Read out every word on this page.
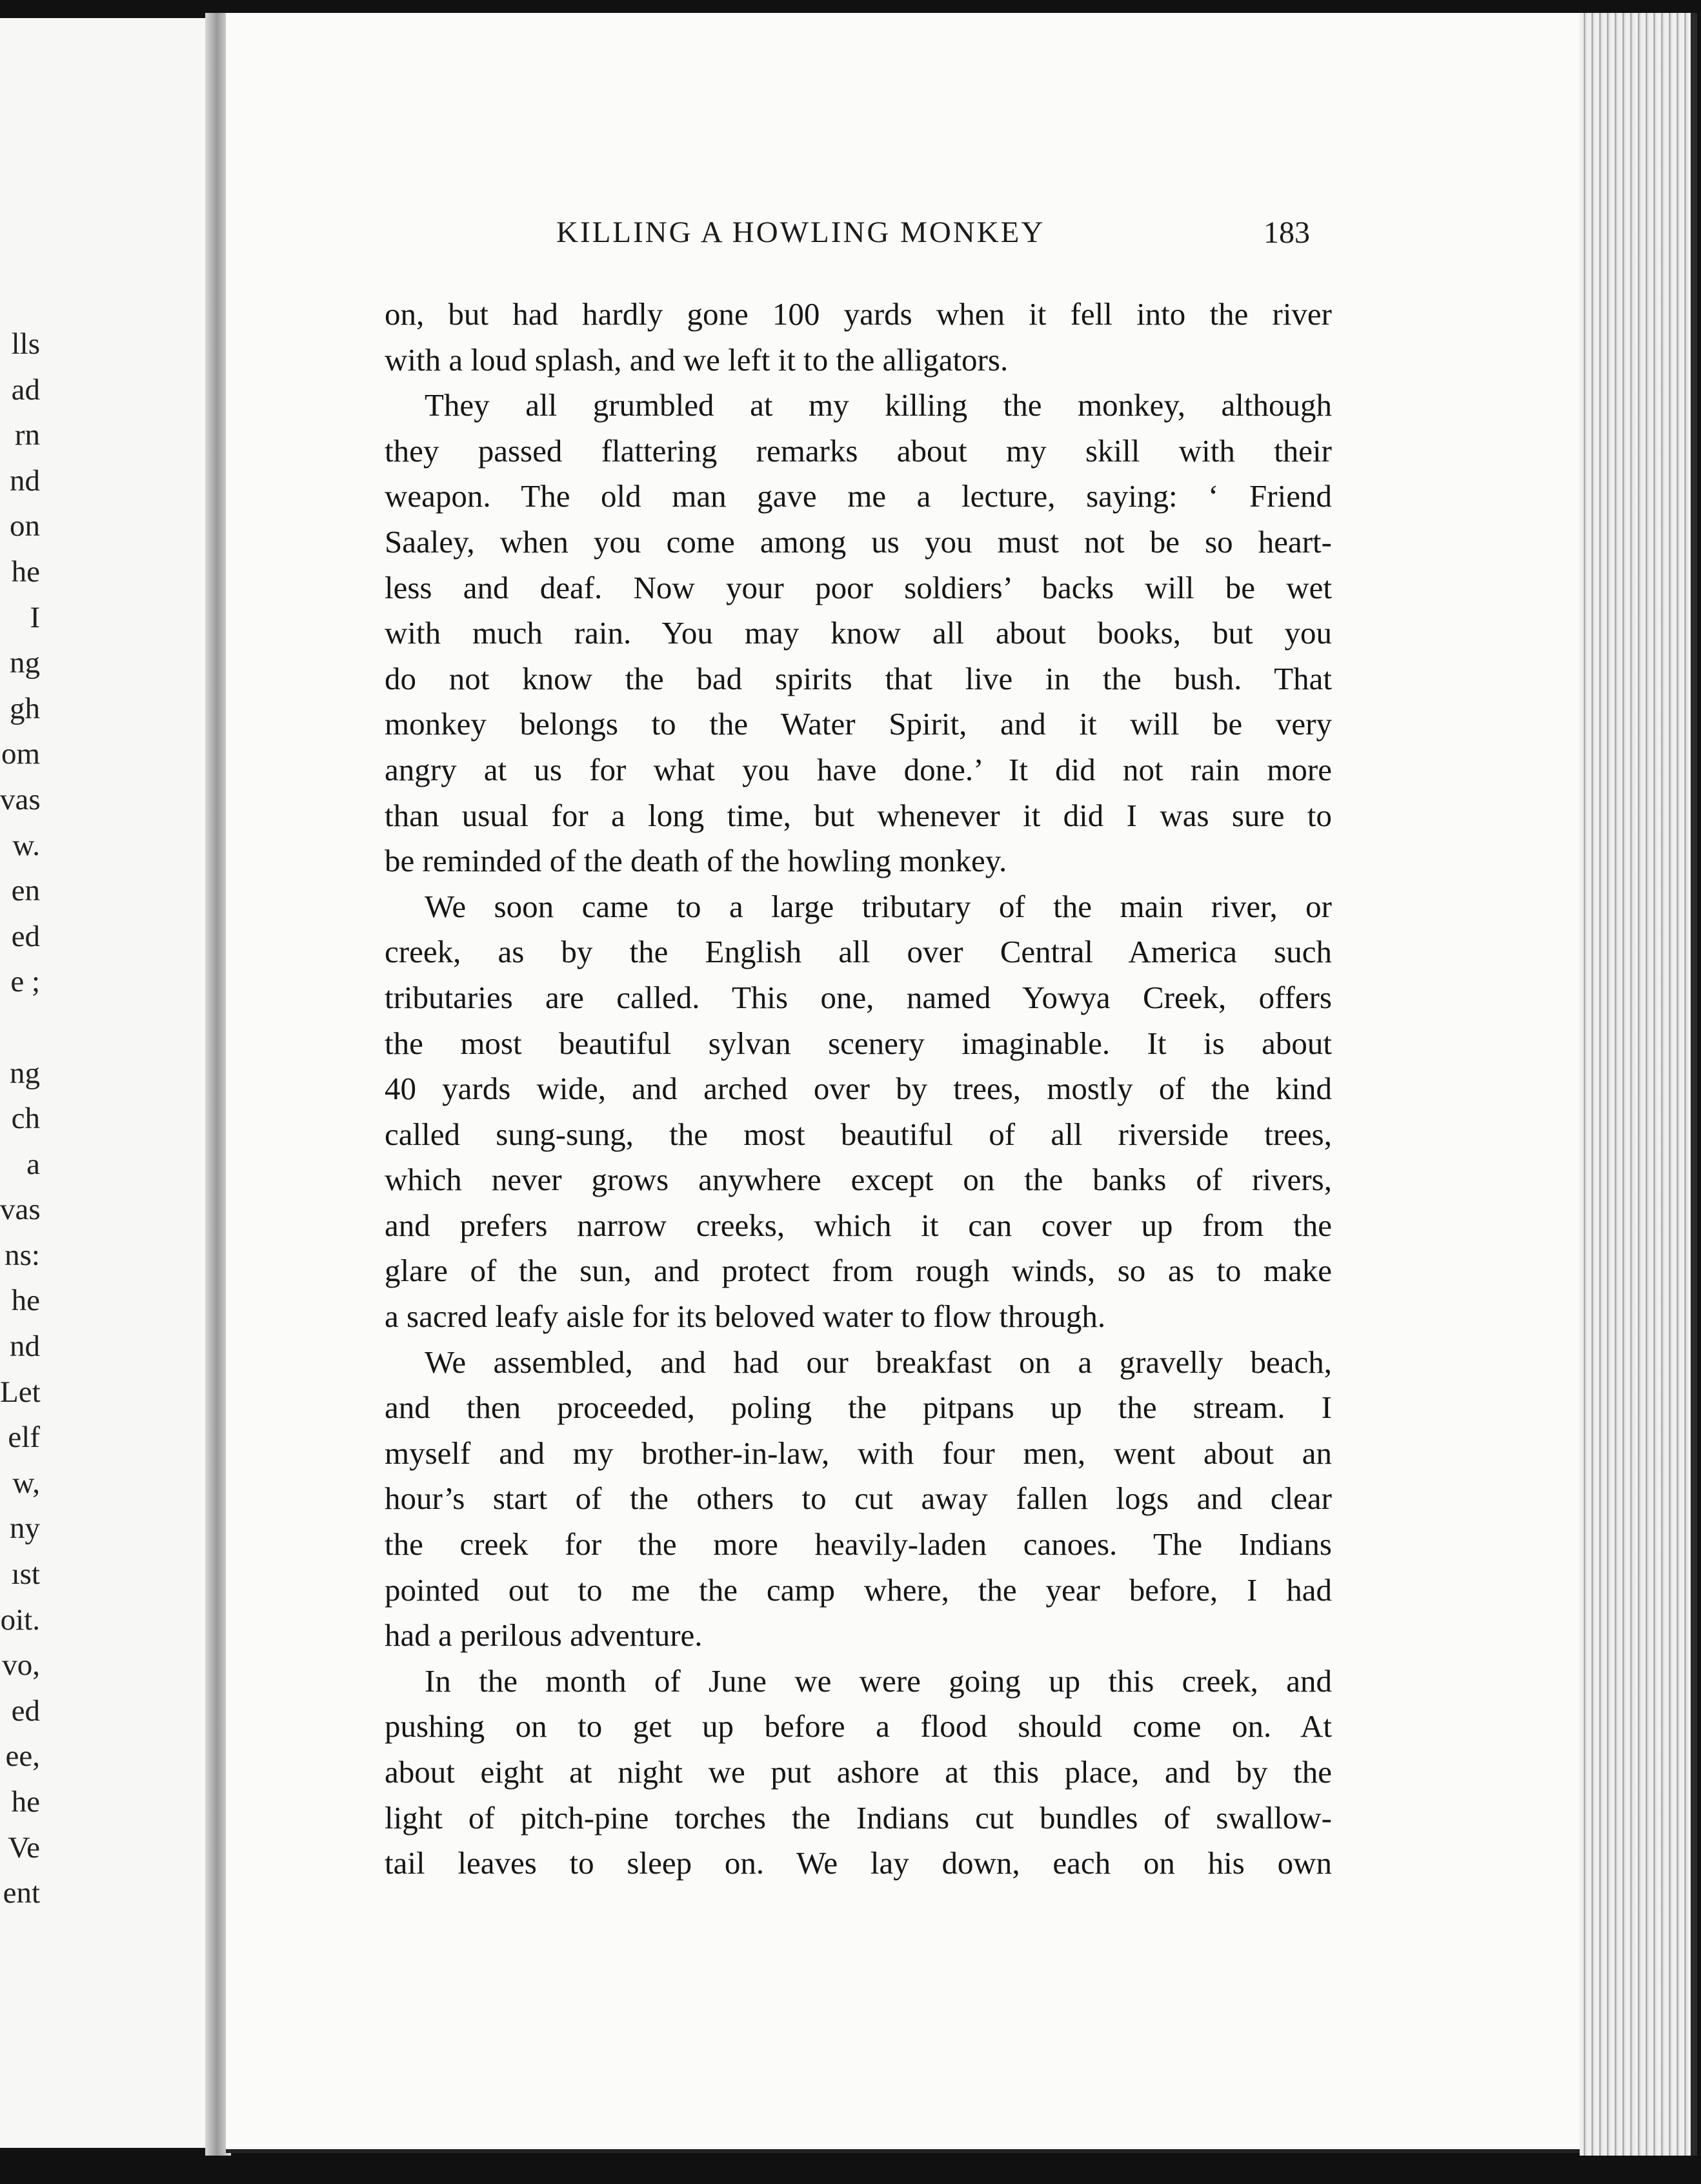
lls
ad
rn
nd
on
he
I
ng
gh
om
vas
w.
en
ed
e ;
ng
ch
a
vas
ns:
he
nd
Let
elf
w,
ny
ıst
oit.
vo,
ed
ee,
he
Ve
ent
KILLING A HOWLING MONKEY	183
on, but had hardly gone 100 yards when it fell into the river
with a loud splash, and we left it to the alligators.
They all grumbled at my killing the monkey, although
they passed flattering remarks about my skill with their
weapon. The old man gave me a lecture, saying: ‘ Friend
Saaley, when you come among us you must not be so heart-
less and deaf. Now your poor soldiers’ backs will be wet
with much rain. You may know all about books, but you
do not know the bad spirits that live in the bush. That
monkey belongs to the Water Spirit, and it will be very
angry at us for what you have done.’ It did not rain more
than usual for a long time, but whenever it did I was sure to
be reminded of the death of the howling monkey.
We soon came to a large tributary of the main river, or
creek, as by the English all over Central America such
tributaries are called. This one, named Yowya Creek, offers
the most beautiful sylvan scenery imaginable. It is about
40 yards wide, and arched over by trees, mostly of the kind
called sung-sung, the most beautiful of all riverside trees,
which never grows anywhere except on the banks of rivers,
and prefers narrow creeks, which it can cover up from the
glare of the sun, and protect from rough winds, so as to make
a sacred leafy aisle for its beloved water to flow through.
We assembled, and had our breakfast on a gravelly beach,
and then proceeded, poling the pitpans up the stream. I
myself and my brother-in-law, with four men, went about an
hour’s start of the others to cut away fallen logs and clear
the creek for the more heavily-laden canoes. The Indians
pointed out to me the camp where, the year before, I had
had a perilous adventure.
In the month of June we were going up this creek, and
pushing on to get up before a flood should come on. At
about eight at night we put ashore at this place, and by the
light of pitch-pine torches the Indians cut bundles of swallow-
tail leaves to sleep on. We lay down, each on his own
